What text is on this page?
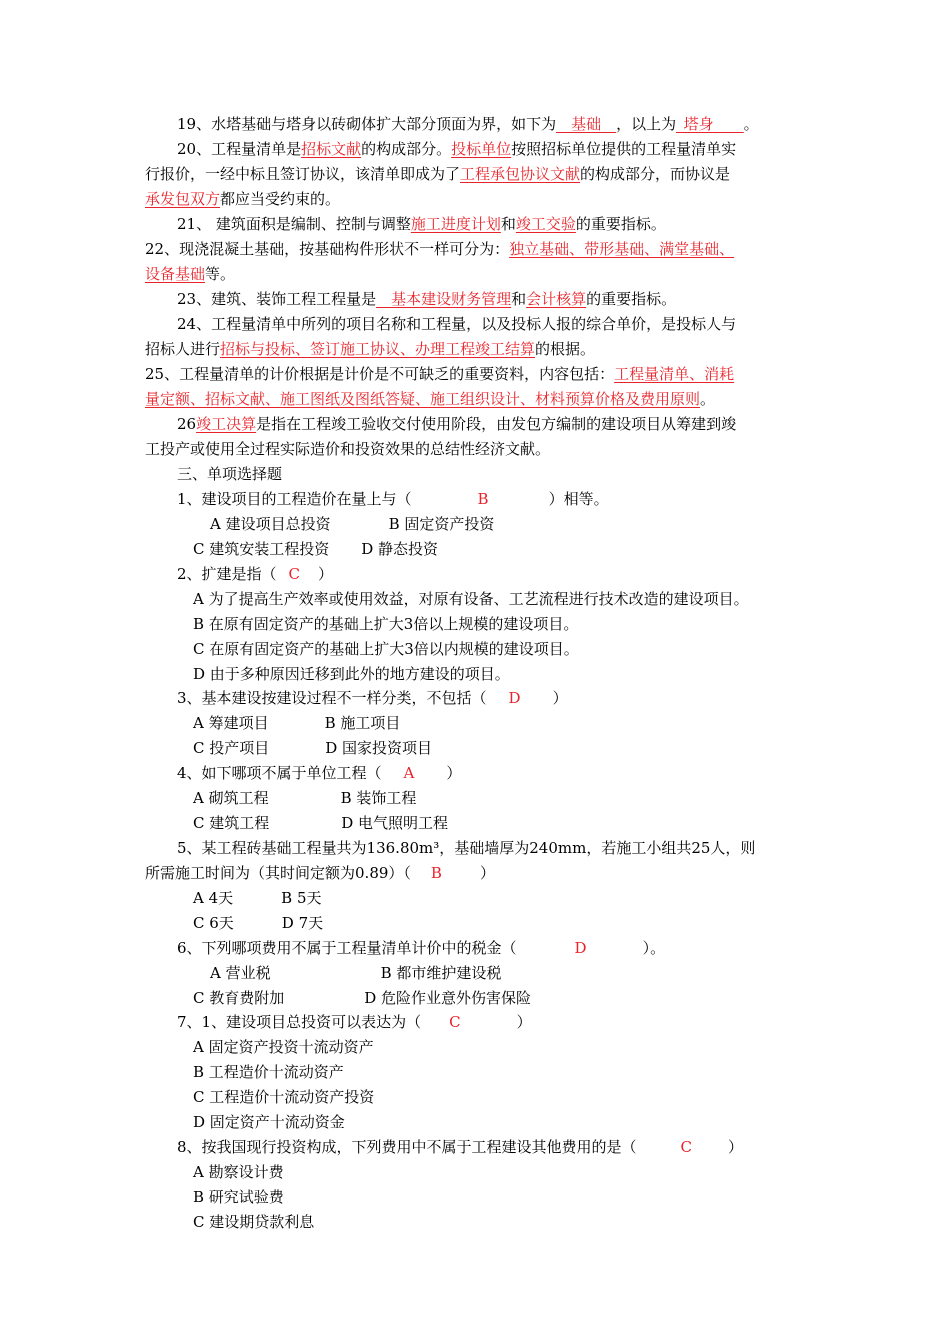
19、水塔基础与塔身以砖砌体扩大部分顶面为界，如下为__基础__，以上为_塔身____。
20、工程量清单是招标文献的构成部分。投标单位按照招标单位提供的工程量清单实
行报价，一经中标且签订协议，该清单即成为了工程承包协议文献的构成部分，而协议是
承发包双方都应当受约束的。
21、 建筑面积是编制、控制与调整施工进度计划和竣工交验的重要指标。
22、现浇混凝土基础，按基础构件形状不一样可分为：独立基础、带形基础、满堂基础、
设备基础等。
23、建筑、装饰工程工程量是__基本建设财务管理和会计核算的重要指标。
24、工程量清单中所列的项目名称和工程量，以及投标人报的综合单价，是投标人与
招标人进行招标与投标、签订施工协议、办理工程竣工结算的根据。
25、工程量清单的计价根据是计价是不可缺乏的重要资料，内容包括：工程量清单、消耗
量定额、招标文献、施工图纸及图纸答疑、施工组织设计、材料预算价格及费用原则。
26竣工决算是指在工程竣工验收交付使用阶段，由发包方编制的建设项目从筹建到竣
工投产或使用全过程实际造价和投资效果的总结性经济文献。
三、单项选择题
1、建设项目的工程造价在量上与（	B	）相等。
A 建设项目总投资	B 固定资产投资
C 建筑安装工程投资 D 静态投资
2、扩建是指（ C ）
A 为了提高生产效率或使用效益，对原有设备、工艺流程进行技术改造的建设项目。
B 在原有固定资产的基础上扩大3倍以上规模的建设项目。
C 在原有固定资产的基础上扩大3倍以内规模的建设项目。
D 由于多种原因迁移到此外的地方建设的项目。
3、基本建设按建设过程不一样分类，不包括（ D ）
A 筹建项目	B 施工项目
C 投产项目	D 国家投资项目
4、如下哪项不属于单位工程（ A ）
A 砌筑工程	B 装饰工程
C 建筑工程	D 电气照明工程
5、某工程砖基础工程量共为136.80m³，基础墙厚为240mm，若施工小组共25人，则
所需施工时间为（其时间定额为0.89）（ B	）
A 4天	B 5天
C 6天	D 7天
6、下列哪项费用不属于工程量清单计价中的税金（	D	）。
A 营业税	B 都市维护建设税
C 教育费附加	D 危险作业意外伤害保险
7、1、建设项目总投资可以表达为（ C	）
A 固定资产投资十流动资产
B 工程造价十流动资产
C 工程造价十流动资产投资
D 固定资产十流动资金
8、按我国现行投资构成，下列费用中不属于工程建设其他费用的是（	C ）
A 勘察设计费
B 研究试验费
C 建设期贷款利息
